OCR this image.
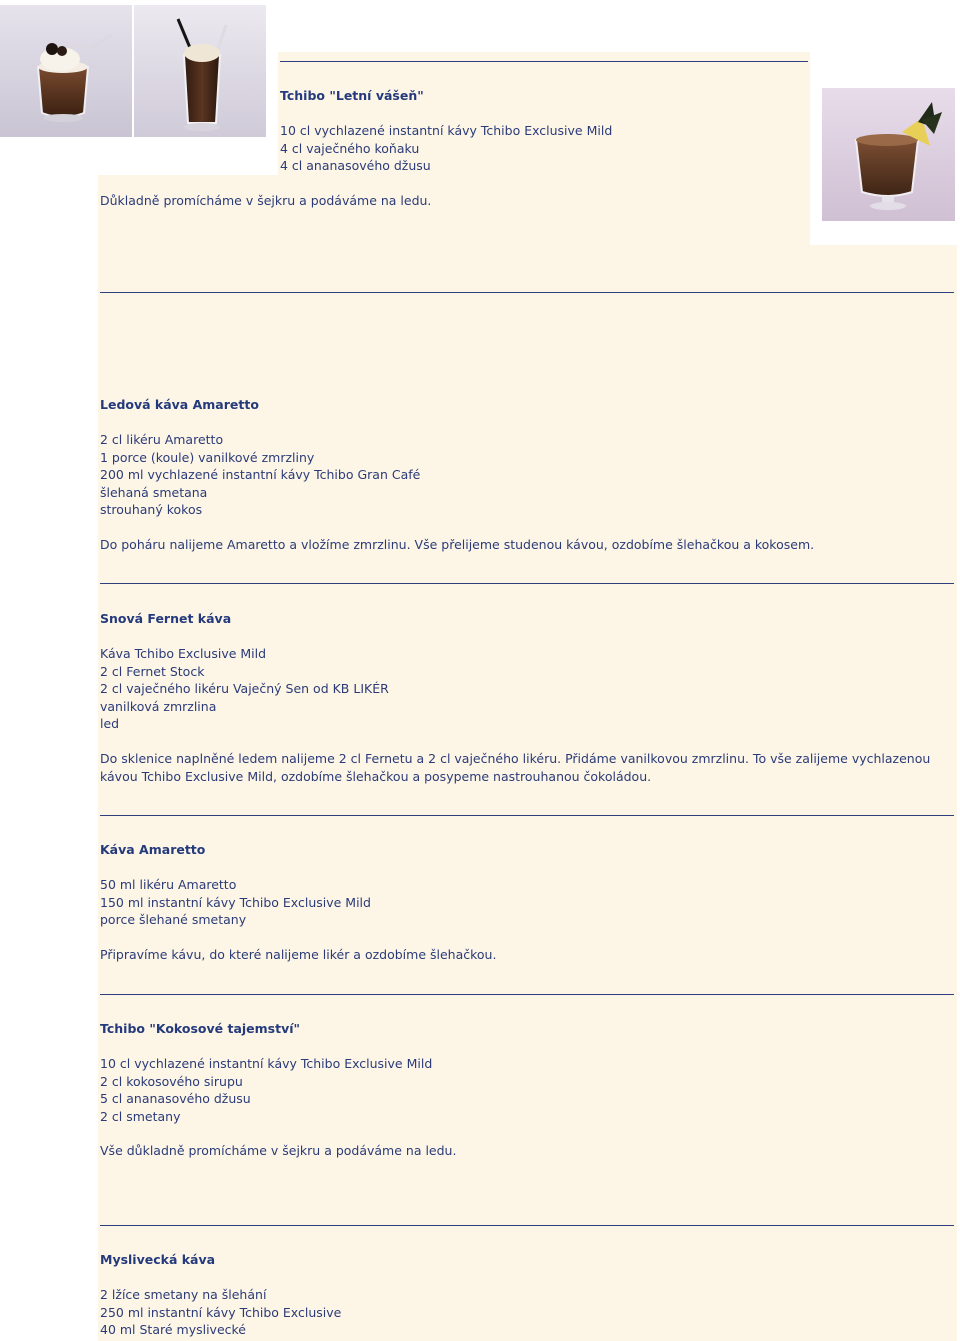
Tchibo "Letní vášeň"
10 cl vychlazené instantní kávy Tchibo Exclusive Mild
4 cl vaječného koňaku
4 cl ananasového džusu
Důkladně promícháme v šejkru a podáváme na ledu.
Ledová káva Amaretto
2 cl likéru Amaretto
1 porce (koule) vanilkové zmrzliny
200 ml vychlazené instantní kávy Tchibo Gran Café
šlehaná smetana
strouhaný kokos
Do poháru nalijeme Amaretto a vložíme zmrzlinu. Vše přelijeme studenou kávou, ozdobíme šlehačkou a kokosem.
Snová Fernet káva
Káva Tchibo Exclusive Mild
2 cl Fernet Stock
2 cl vaječného likéru Vaječný Sen od KB LIKÉR
vanilková zmrzlina
led
Do sklenice naplněné ledem nalijeme 2 cl Fernetu a 2 cl vaječného likéru. Přidáme vanilkovou zmrzlinu. To vše zalijeme vychlazenou kávou Tchibo Exclusive Mild, ozdobíme šlehačkou a posypeme nastrouhanou čokoládou.
Káva Amaretto
50 ml likéru Amaretto
150 ml instantní kávy Tchibo Exclusive Mild
porce šlehané smetany
Připravíme kávu, do které nalijeme likér a ozdobíme šlehačkou.
Tchibo "Kokosové tajemství"
10 cl vychlazené instantní kávy Tchibo Exclusive Mild
2 cl kokosového sirupu
5 cl ananasového džusu
2 cl smetany
Vše důkladně promícháme v šejkru a podáváme na ledu.
Myslivecká káva
2 lžíce smetany na šlehání
250 ml instantní kávy Tchibo Exclusive
40 ml Staré myslivecké
